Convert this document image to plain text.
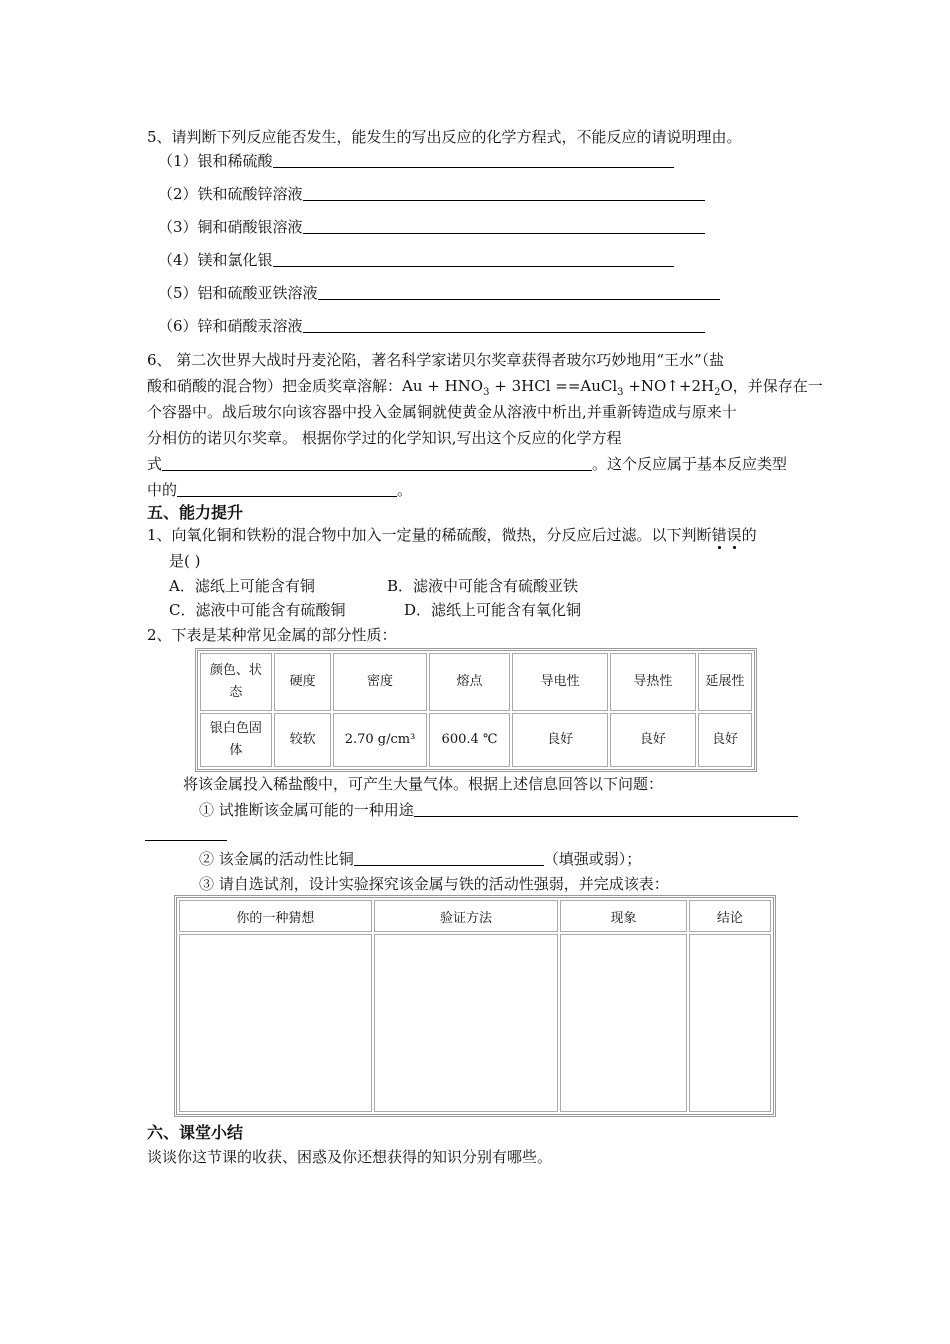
5、请判断下列反应能否发生，能发生的写出反应的化学方程式，不能反应的请说明理由。
（1）银和稀硫酸
（2）铁和硫酸锌溶液
（3）铜和硝酸银溶液
（4）镁和氯化银
（5）铝和硫酸亚铁溶液
（6）锌和硝酸汞溶液
6、 第二次世界大战时丹麦沦陷，著名科学家诺贝尔奖章获得者玻尔巧妙地用“王水”（盐
酸和硝酸的混合物）把金质奖章溶解：$Au + HNO_3 + 3HCl$ ==AuCl$_3$ $+NO↑+2H_2O$，并保存在一
个容器中。战后玻尔向该容器中投入金属铜就使黄金从溶液中析出,并重新铸造成与原来十
分相仿的诺贝尔奖章。 根据你学过的化学知识,写出这个反应的化学方程
式	。这个反应属于基本反应类型
中的	。
五、能力提升
1、向氧化铜和铁粉的混合物中加入一定量的稀硫酸，微热，分反应后过滤。以下判断错误的
是( )
A．滤纸上可能含有铜	B．滤液中可能含有硫酸亚铁
C．滤液中可能含有硫酸铜	D．滤纸上可能含有氧化铜
2、下表是某种常见金属的部分性质：
颜色、状态	硬度	密度	熔点	导电性	导热性	延展性
银白色固体	较软	2.70 g/cm³	600.4 ℃	良好	良好	良好
将该金属投入稀盐酸中，可产生大量气体。根据上述信息回答以下问题：
① 试推断该金属可能的一种用途
② 该金属的活动性比铜	（填强或弱）；
③ 请自选试剂，设计实验探究该金属与铁的活动性强弱，并完成该表：
你的一种猜想	验证方法	现象	结论

六、课堂小结
谈谈你这节课的收获、困惑及你还想获得的知识分别有哪些。
